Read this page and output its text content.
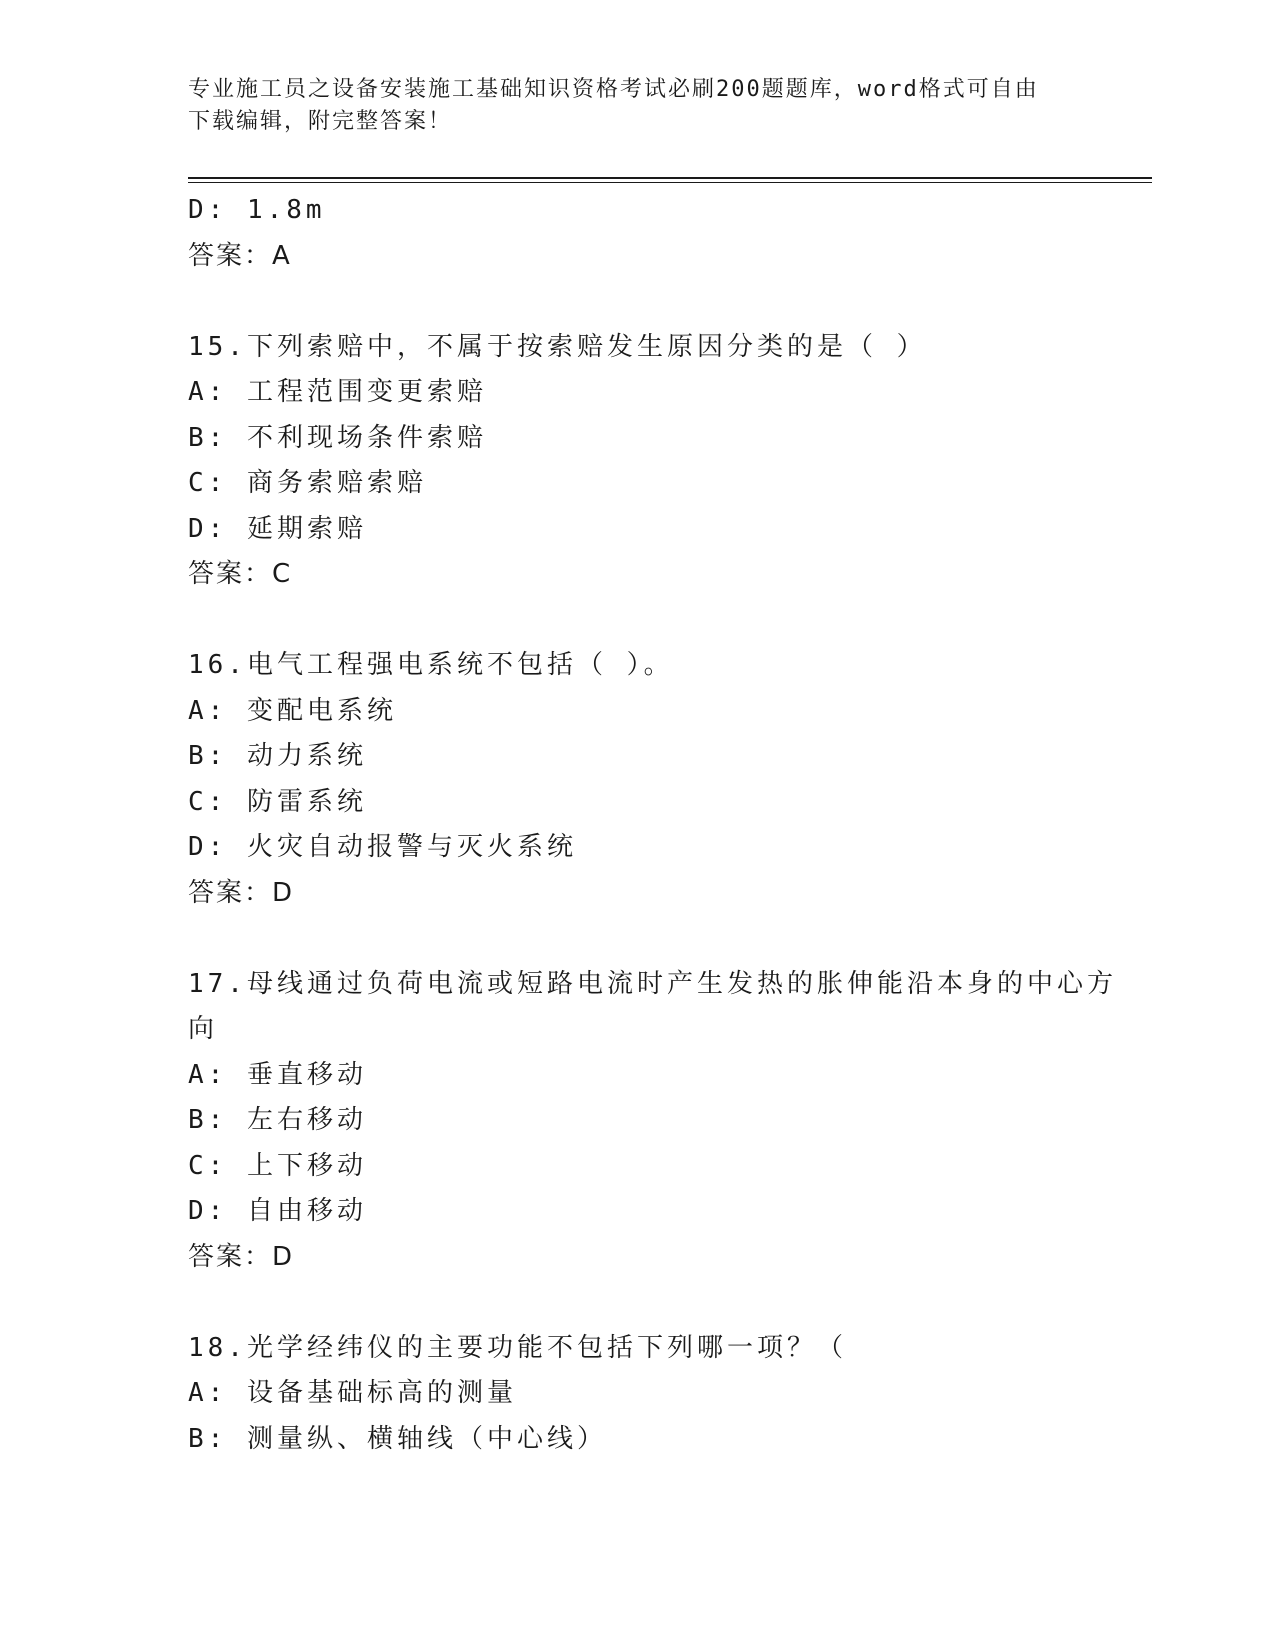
专业施工员之设备安装施工基础知识资格考试必刷200题题库，word格式可自由
下载编辑，附完整答案！
D: 1.8m
答案：A
15.下列索赔中，不属于按索赔发生原因分类的是（ ）
A: 工程范围变更索赔
B: 不利现场条件索赔
C: 商务索赔索赔
D: 延期索赔
答案：C
16.电气工程强电系统不包括（ ）。
A: 变配电系统
B: 动力系统
C: 防雷系统
D: 火灾自动报警与灭火系统
答案：D
17.母线通过负荷电流或短路电流时产生发热的胀伸能沿本身的中心方
向
A: 垂直移动
B: 左右移动
C: 上下移动
D: 自由移动
答案：D
18.光学经纬仪的主要功能不包括下列哪一项？（
A: 设备基础标高的测量
B: 测量纵、横轴线（中心线）
